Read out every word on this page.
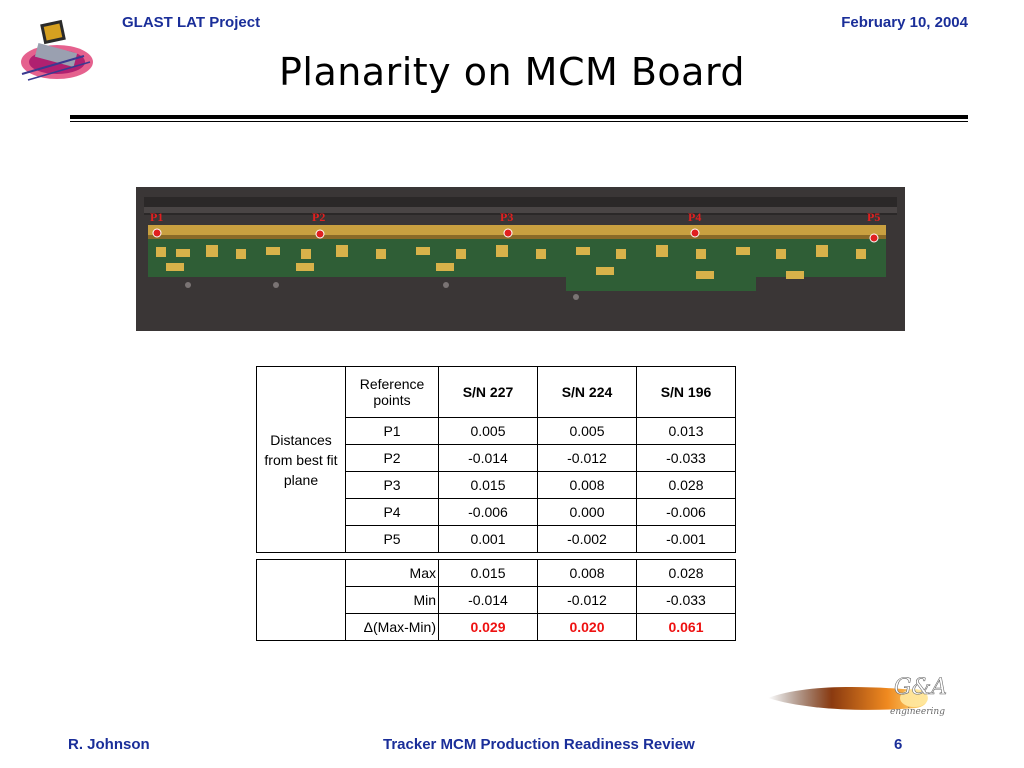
GLAST LAT Project	February 10, 2004
Planarity on MCM Board
P1	P2	P3	P4	P5
Distances from best fit plane	Reference points	S/N 227	S/N 224	S/N 196
	P1	0.005	0.005	0.013
	P2	-0.014	-0.012	-0.033
	P3	0.015	0.008	0.028
	P4	-0.006	0.000	-0.006
	P5	0.001	-0.002	-0.001

	Max	0.015	0.008	0.028
	Min	-0.014	-0.012	-0.033
	Δ(Max-Min)	0.029	0.020	0.061
G&A
engineering
R. Johnson	Tracker MCM Production Readiness Review	6
